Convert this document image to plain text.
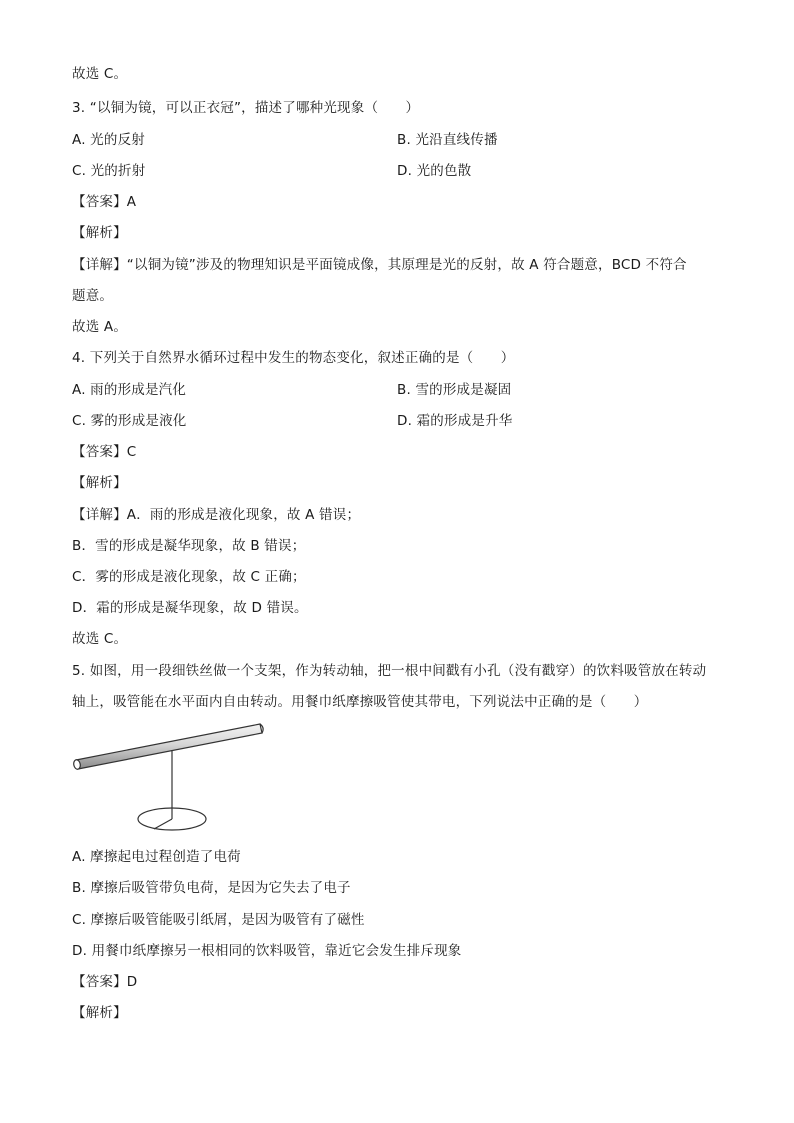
故选 C。
3. “以铜为镜，可以正衣冠”，描述了哪种光现象（　　）
A. 光的反射	B. 光沿直线传播
C. 光的折射	D. 光的色散
【答案】A
【解析】
【详解】“以铜为镜”涉及的物理知识是平面镜成像，其原理是光的反射，故 A 符合题意，BCD 不符合
题意。
故选 A。
4. 下列关于自然界水循环过程中发生的物态变化，叙述正确的是（　　）
A. 雨的形成是汽化	B. 雪的形成是凝固
C. 雾的形成是液化	D. 霜的形成是升华
【答案】C
【解析】
【详解】A．雨的形成是液化现象，故 A 错误；
B．雪的形成是凝华现象，故 B 错误；
C．雾的形成是液化现象，故 C 正确；
D．霜的形成是凝华现象，故 D 错误。
故选 C。
5. 如图，用一段细铁丝做一个支架，作为转动轴，把一根中间戳有小孔（没有戳穿）的饮料吸管放在转动
轴上，吸管能在水平面内自由转动。用餐巾纸摩擦吸管使其带电，下列说法中正确的是（　　）
A. 摩擦起电过程创造了电荷
B. 摩擦后吸管带负电荷，是因为它失去了电子
C. 摩擦后吸管能吸引纸屑，是因为吸管有了磁性
D. 用餐巾纸摩擦另一根相同的饮料吸管，靠近它会发生排斥现象
【答案】D
【解析】
